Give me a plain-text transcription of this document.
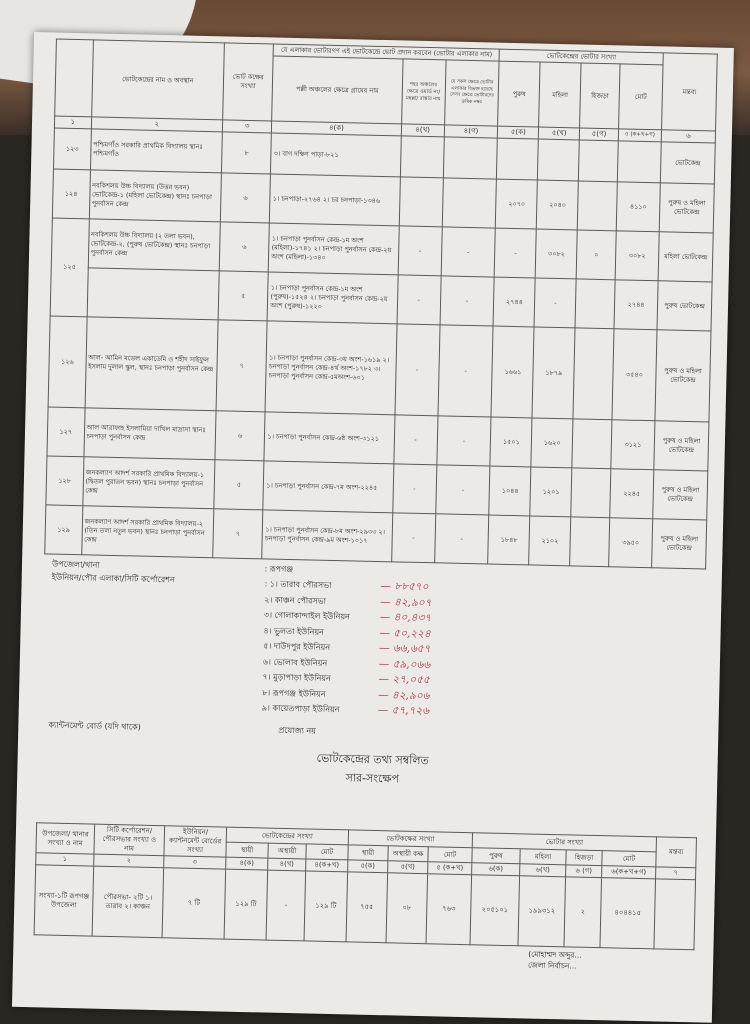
	ভোটকেন্দ্রের নাম ও অবস্থান	ভোট কক্ষের সংখ্যা	যে এলাকার ভোটারগণ এই ভোটকেন্দ্রে ভোট প্রদান করবেন (ভোটার এলাকার নাম)			ভোটকেন্দ্রের ভোটার সংখ্যা				মন্তব্য
			পল্লী অঞ্চলের ক্ষেত্রে গ্রামের নাম	শহর অঞ্চলের ক্ষেত্রে ওয়ার্ড নং/ মহল্লা/ রাস্তার নাম	যে সকল ক্ষেত্রে ভোটার এলাকার বিভক্ত হয়েছে সেসব ক্ষেত্রে ভোটারদের ক্রমিক নম্বর	পুরুষ	মহিলা	হিজড়া	মোট	
১	২	৩	৪(ক)	৪(খ)	৪(গ)	৫(ক)	৫(খ)	৫(গ)	৫ (ক+খ+গ)	৬
১২৩	পশ্চিমগাঁও সরকারি প্রাথমিক বিদ্যালয় স্থানঃ পশ্চিমগাঁও	৮	৩। বাগ দক্ষিণ পাড়া-৮২১							ভোটকেন্দ্র
১২৪	নবকিশলয় উচ্চ বিদ্যালয় (উত্তর ভবন) ভোটকেন্দ্র-১ (মহিলা ভোটকেন্দ্র) স্থানঃ চনপাড়া পুনর্বাসন কেন্দ্র	৬	১। চনপাড়া-২৭৬৪ ২। চর চনপাড়া-১৩৪৬			২০৭০	২০৪০		৪১১০	পুরুষ ও মহিলা ভোটকেন্দ্র
১২৫	নবকিশলয় উচ্চ বিদ্যালয় (২ তলা ভবন), ভোটকেন্দ্র-২, (পুরুষ ভোটকেন্দ্র) স্থানঃ চনপাড়া পুনর্বাসন কেন্দ্র	৬	১। চনপাড়া পুনর্বাসন কেন্দ্র-১ম অংশ (মহিলা)-১৭৪১ ২। চনপাড়া পুনর্বাসন কেন্দ্র-২য় অংশ (মহিলা)-১৩৪০	-	-	-	৩০৮২	০	৩০৮২	মহিলা ভোটকেন্দ্র
		৫	১। চনপাড়া পুনর্বাসন কেন্দ্র-১ম অংশ (পুরুষ)-১৫২৪ ২। চনপাড়া পুনর্বাসন কেন্দ্র-২য় অংশ (পুরুষ)-১২২০	-	-	২৭৪৪	-		২৭৪৪	পুরুষ ভোটকেন্দ্র
১২৬	আল- আমিন মডেল একাডেমি ও শহীদ সাইফুল ইসলাম দুলাল স্কুল, স্থানঃ চনপাড়া পুনর্বাসন কেন্দ্র	৭	১। চনপাড়া পুনর্বাসন কেন্দ্র-৩য় অংশ-১৬১৯ ২। চনপাড়া পুনর্বাসন কেন্দ্র-৪র্থ অংশ-১৭৮২ ৩। চনপাড়া পুনর্বাসন কেন্দ্র-৫মঅংশ-৬০১	-	-	১৬৬১	১৮৭৯		৩৫৪০	পুরুষ ও মহিলা ভোটকেন্দ্র
১২৭	আল আরাফাহ ইসলামিয়া দাখিল মাদ্রাসা স্থানঃ চনপাড়া পুনর্বাসন কেন্দ্র	৬	১। চনপাড়া পুনর্বাসন কেন্দ্র-৬ষ্ঠ অংশ-৩১২১	-	-	১৫০১	১৬২০		৩১২১	পুরুষ ও মহিলা ভোটকেন্দ্র
১২৮	জনকল্যাণ আদর্শ সরকারি প্রাথমিক বিদ্যালয়-১ (দ্বিতল পুরাতন ভবন) স্থানঃ চনপাড়া পুনর্বাসন কেন্দ্র	৫	১। চনপাড়া পুনর্বাসন কেন্দ্র-৭ম অংশ-২২৪৫	-	-	১০৪৪	১২০১		২২৪৫	পুরুষ ও মহিলা ভোটকেন্দ্র
১২৯	জনকল্যাণ আদর্শ সরকারি প্রাথমিক বিদ্যালয়-২ (তিন তলা নতুন ভবন) স্থানঃ চনপাড়া পুনর্বাসন কেন্দ্র	৭	১। চনপাড়া পুনর্বাসন কেন্দ্র-৮ম অংশ-২৯৩৩ ২। চনপাড়া পুনর্বাসন কেন্দ্র-৯ম অংশ-১০১৭	-	-	১৮৪৮	২১০২		৩৯৫০	পুরুষ ও মহিলা ভোটকেন্দ্র
উপজেলা/থানা	: রূপগঞ্জ
ইউনিয়ন/পৌর এলাকা/সিটি কর্পোরেশন
: ১। তারাব পৌরসভা	— ৮৮৫৭০
২। কাঞ্চন পৌরসভা	— ৪২,৯০৭
৩। গোলাকান্দাইল ইউনিয়ন	— ৪০,৪৩৭
৪। ভুলতা ইউনিয়ন	— ৫০,২২৪
৫। দাউদপুর ইউনিয়ন	— ৬৬,৬৫৭
৬। ভোলাব ইউনিয়ন	— ৫৯,০৬৬
৭। মুড়াপাড়া ইউনিয়ন	— ২৭,০৫৫
৮। রূপগঞ্জ ইউনিয়ন	— ৪২,৯০৬
৯। কায়েতপাড়া ইউনিয়ন	— ৫৭,৭২৬
ক্যান্টনমেন্ট বোর্ড (যদি থাকে)	প্রযোজ্য নয়
ভোটকেন্দ্রের তথ্য সম্বলিত
সার-সংক্ষেপ
উপজেলা/ থানার সংখ্যা ও নাম	সিটি কর্পোরেশন/ পৌরসভার সংখ্যা ও নাম	ইউনিয়ন/ ক্যান্টনমেন্ট বোর্ডের সংখ্যা	ভোটকেন্দ্রের সংখ্যা			ভোটকক্ষের সংখ্যা			ভোটার সংখ্যা				মন্তব্য
			স্থায়ী	অস্থায়ী	মোট	স্থায়ী	অস্থায়ী কক্ষ	মোট	পুরুষ	মহিলা	হিজড়া	মোট	
১	২	৩	৪(ক)	৪(খ)	৪(ক+খ)	৫(ক)	৫(খ)	৫ (ক+খ)	৬(ক)	৬(খ)	৬ (গ)	৬(ক+খ+গ)	৭
সংখ্যা-১টি রূপগঞ্জ উপজেলা	পৌরসভা- ২টি ১। তারাব ২। কাঞ্চন	৭ টি	১২৯ টি	-	১২৯ টি	৭৫৫	০৮	৭৬৩	২০৫১০১	১৯৯৩১২	২	৪০৪৪১৫	
(মোহাম্মদ অব্দুর...
জেলা নির্বাচন...
